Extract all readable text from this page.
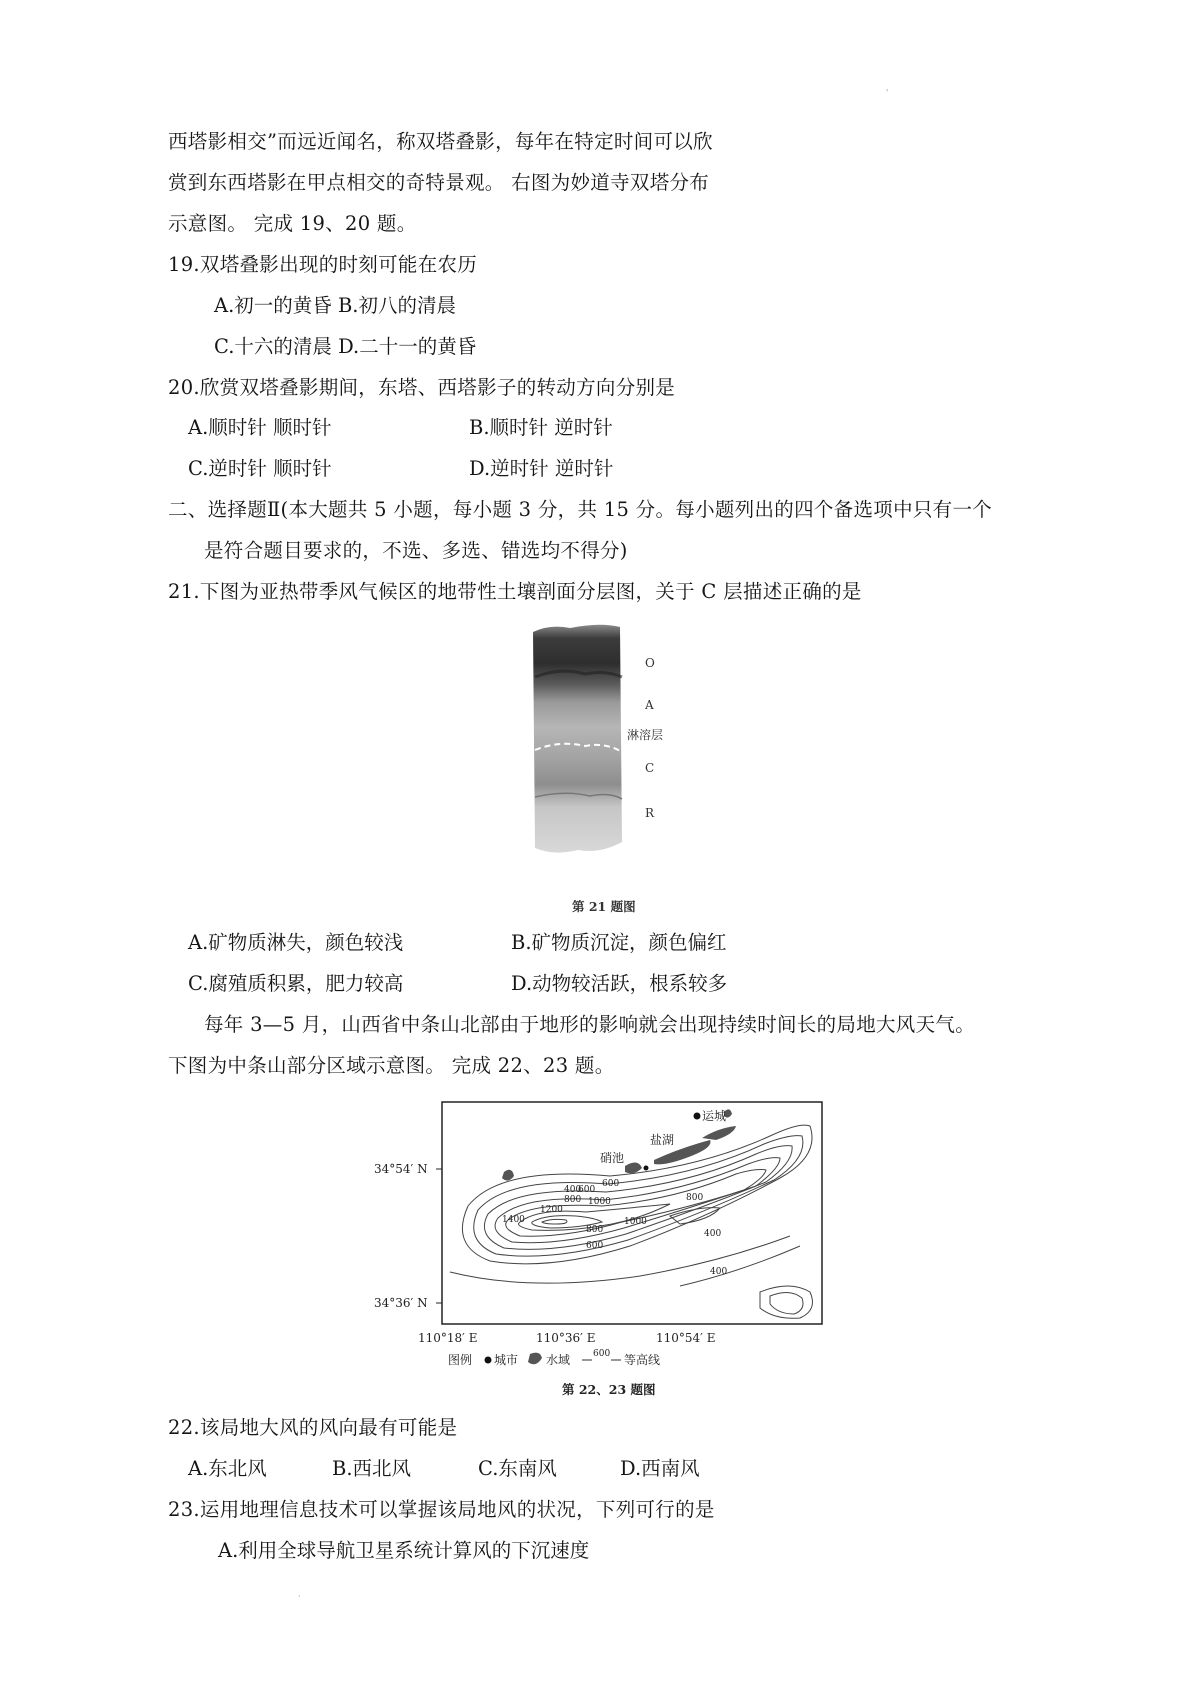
'
西塔影相交”而远近闻名，称双塔叠影，每年在特定时间可以欣
赏到东西塔影在甲点相交的奇特景观。 右图为妙道寺双塔分布
示意图。 完成 19、20 题。
19.双塔叠影出现的时刻可能在农历
A.初一的黄昏 B.初八的清晨
C.十六的清晨 D.二十一的黄昏
20.欣赏双塔叠影期间，东塔、西塔影子的转动方向分别是
A.顺时针 顺时针	B.顺时针 逆时针
C.逆时针 顺时针	D.逆时针 逆时针
二、选择题Ⅱ(本大题共 5 小题，每小题 3 分，共 15 分。每小题列出的四个备选项中只有一个
是符合题目要求的，不选、多选、错选均不得分)
21.下图为亚热带季风气候区的地带性土壤剖面分层图，关于 C 层描述正确的是
O
A
淋溶层
C
R
第 21 题图
A.矿物质淋失，颜色较浅	B.矿物质沉淀，颜色偏红
C.腐殖质积累，肥力较高	D.动物较活跃，根系较多
每年 3—5 月，山西省中条山北部由于地形的影响就会出现持续时间长的局地大风天气。
下图为中条山部分区域示意图。 完成 22、23 题。
运城
盐湖
硝池
1400
1200
1000
800
600
400
600
800
1000
800
600
400
400
34°54′ N
34°36′ N
110°18′ E	110°36′ E	110°54′ E
图例 城市 水域	600 等高线
第 22、23 题图
22.该局地大风的风向最有可能是
A.东北风	B.西北风	C.东南风	D.西南风
23.运用地理信息技术可以掌握该局地风的状况，下列可行的是
A.利用全球导航卫星系统计算风的下沉速度
·
